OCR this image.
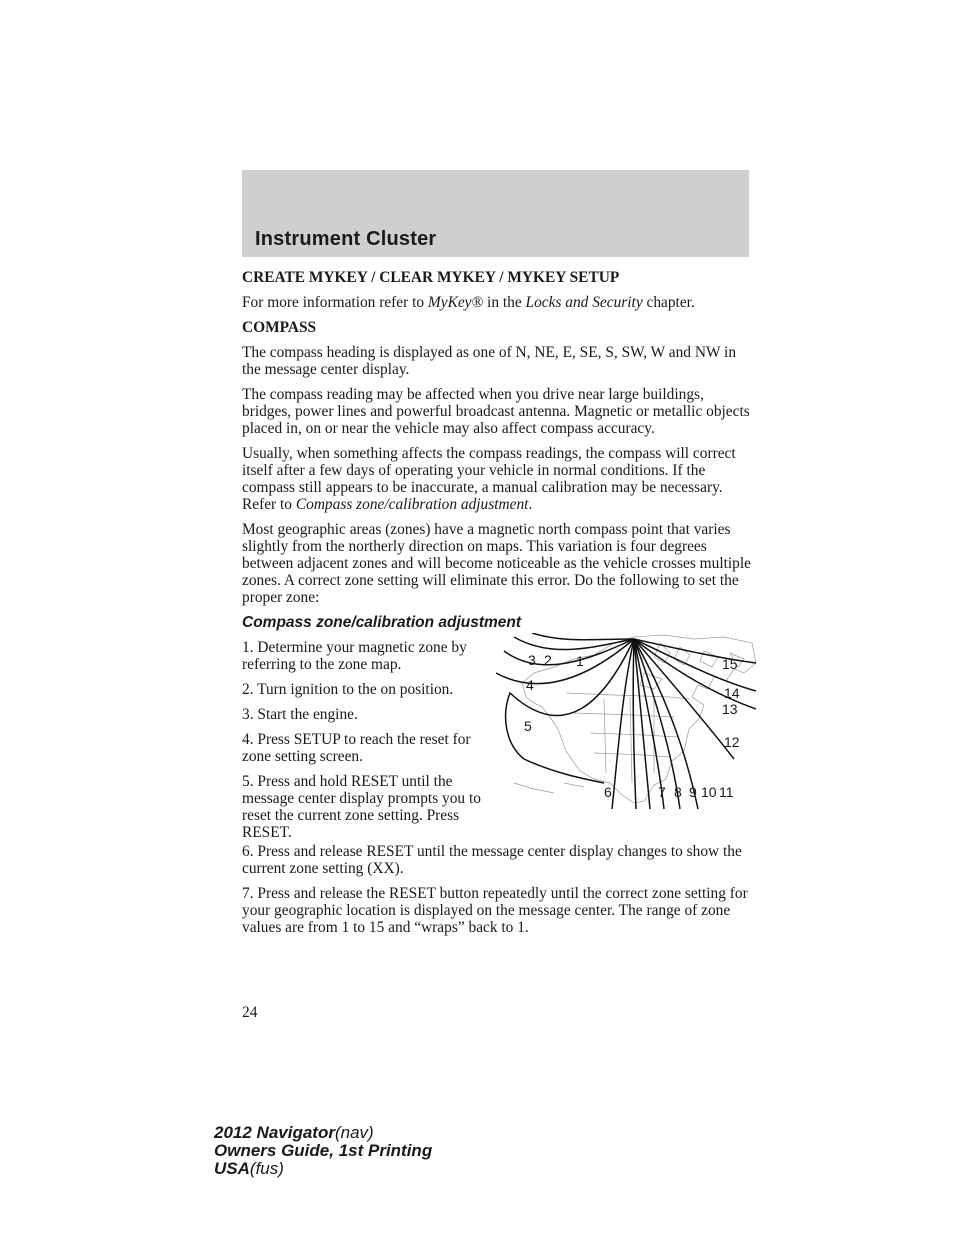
Instrument Cluster

CREATE MYKEY / CLEAR MYKEY / MYKEY SETUP

For more information refer to MyKey® in the Locks and Security chapter.

COMPASS

The compass heading is displayed as one of N, NE, E, SE, S, SW, W and NW in the message center display.

The compass reading may be affected when you drive near large buildings, bridges, power lines and powerful broadcast antenna. Magnetic or metallic objects placed in, on or near the vehicle may also affect compass accuracy.

Usually, when something affects the compass readings, the compass will correct itself after a few days of operating your vehicle in normal conditions. If the compass still appears to be inaccurate, a manual calibration may be necessary. Refer to Compass zone/calibration adjustment.

Most geographic areas (zones) have a magnetic north compass point that varies slightly from the northerly direction on maps. This variation is four degrees between adjacent zones and will become noticeable as the vehicle crosses multiple zones. A correct zone setting will eliminate this error. Do the following to set the proper zone:

Compass zone/calibration adjustment

1. Determine your magnetic zone by referring to the zone map.

2. Turn ignition to the on position.

3. Start the engine.

4. Press SETUP to reach the reset for zone setting screen.

5. Press and hold RESET until the message center display prompts you to reset the current zone setting. Press RESET.

1
2
3
4
5
6	7 8 9 10 11
12
13
14
15

6. Press and release RESET until the message center display changes to show the current zone setting (XX).

7. Press and release the RESET button repeatedly until the correct zone setting for your geographic location is displayed on the message center. The range of zone values are from 1 to 15 and “wraps” back to 1.

24
2012 Navigator(nav)
Owners Guide, 1st Printing
USA(fus)
